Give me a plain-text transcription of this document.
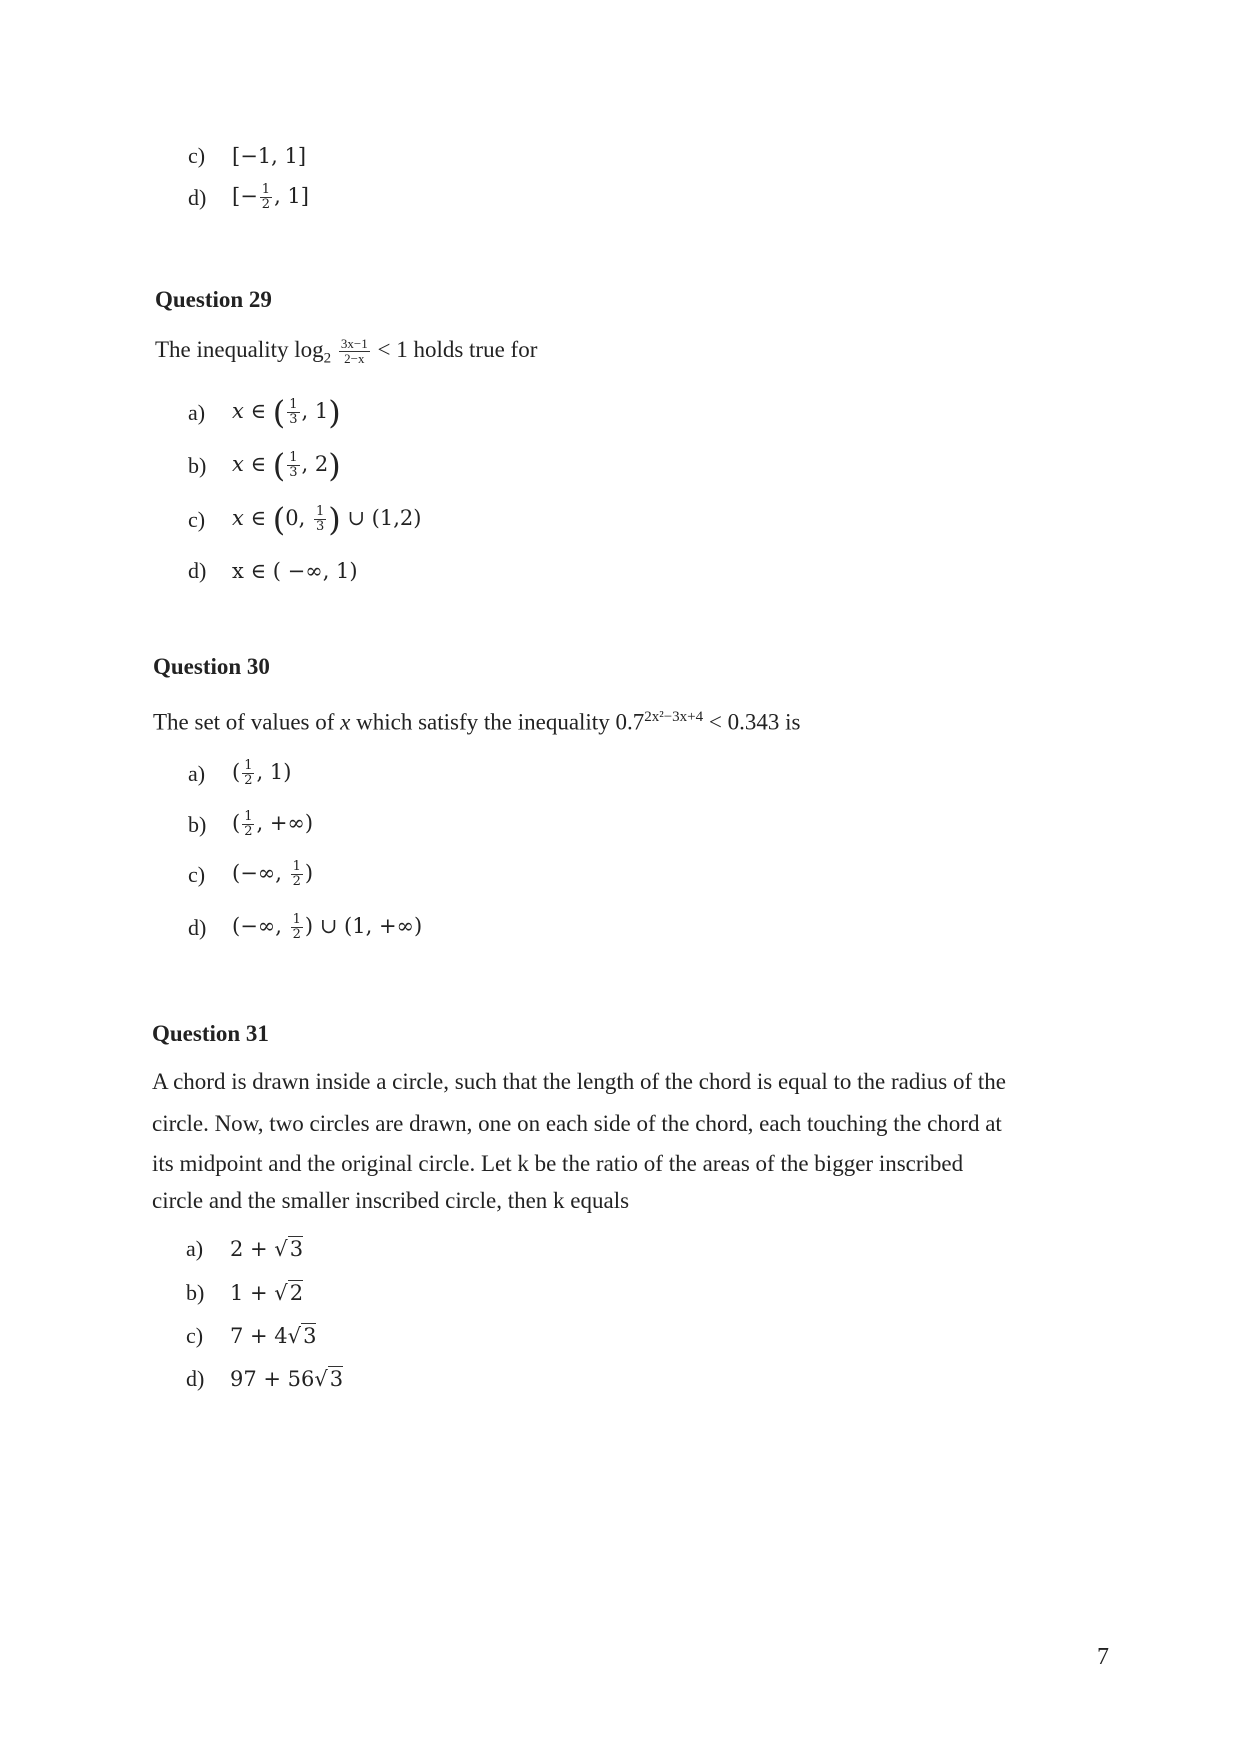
c)	[−1, 1]
d)	[− $\frac{1}{2}$ , 1]
Question 29
The inequality $\log_2 \frac{3x-1}{2-x} < 1$ holds true for
a)	x ∈ ( $\frac{1}{3}$ , 1)
b)	x ∈ ( $\frac{1}{3}$ , 2)
c)	x ∈ (0, $\frac{1}{3}$ ) ∪ (1,2)
d)	x ∈ ( −∞, 1)
Question 30
The set of values of x which satisfy the inequality $0.7^{2x^2-3x+4} < 0.343$ is
a)	( $\frac{1}{2}$ , 1)
b)	( $\frac{1}{2}$ , +∞)
c)	(−∞, $\frac{1}{2}$ )
d)	(−∞, $\frac{1}{2}$ ) ∪ (1, +∞)
Question 31
A chord is drawn inside a circle, such that the length of the chord is equal to the radius of the
circle. Now, two circles are drawn, one on each side of the chord, each touching the chord at
its midpoint and the original circle. Let k be the ratio of the areas of the bigger inscribed
circle and the smaller inscribed circle, then k equals
a)	2 + √3
b)	1 + √2
c)	7 + 4√3
d)	97 + 56√3
7
